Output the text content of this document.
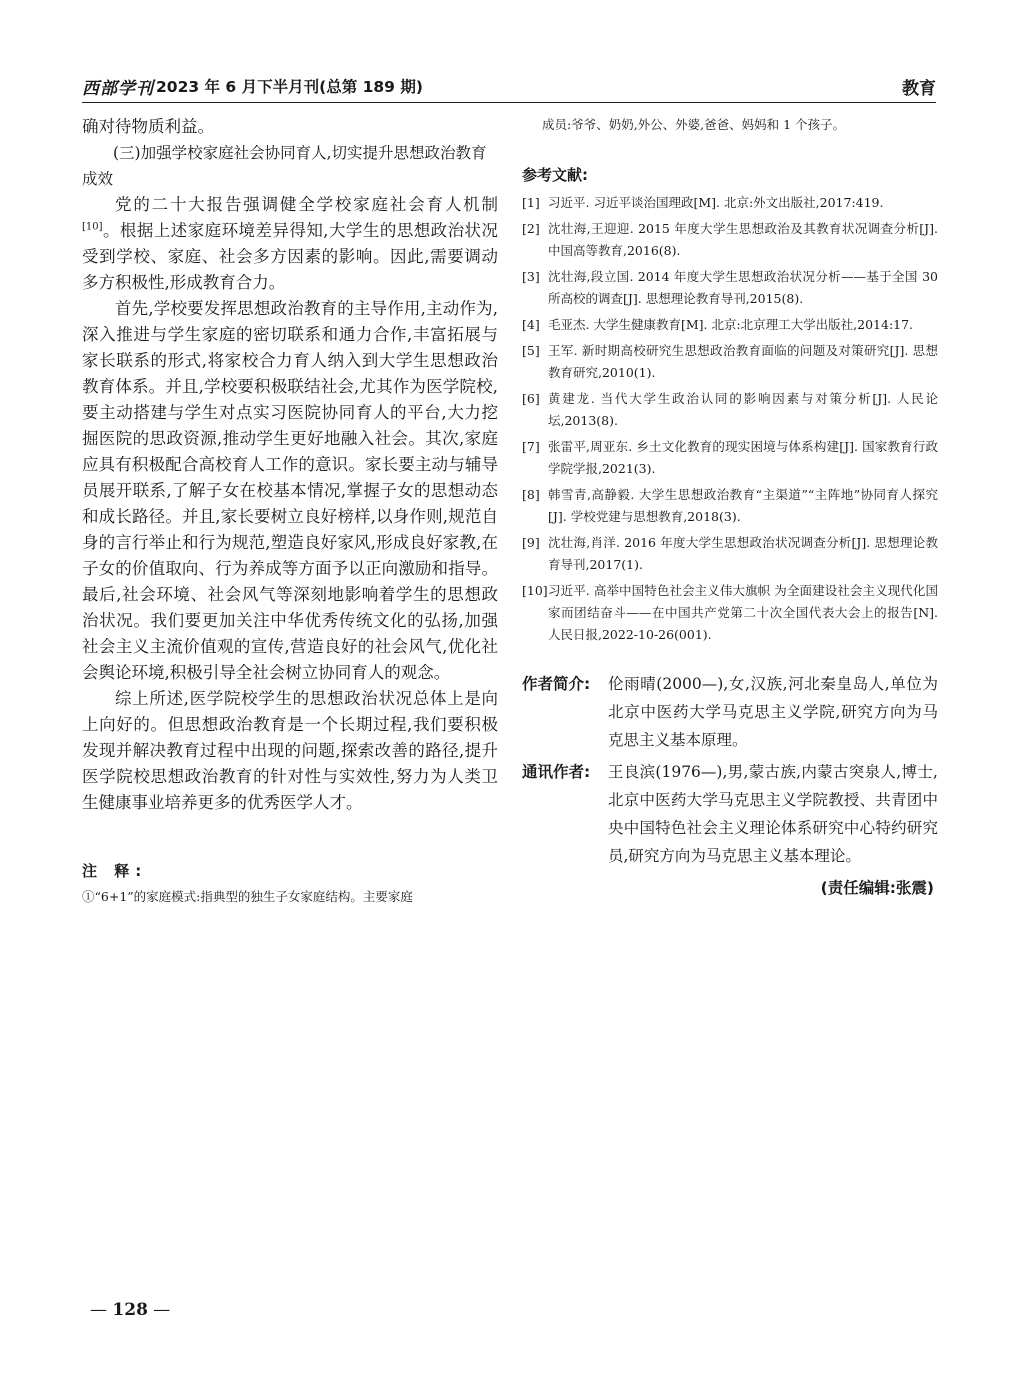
西部学刊 2023 年 6 月下半月刊(总第 189 期)	教育

确对待物质利益。

(三)加强学校家庭社会协同育人,切实提升思想政治教育成效

党的二十大报告强调健全学校家庭社会育人机制[10]。根据上述家庭环境差异得知,大学生的思想政治状况受到学校、家庭、社会多方因素的影响。因此,需要调动多方积极性,形成教育合力。

首先,学校要发挥思想政治教育的主导作用,主动作为,深入推进与学生家庭的密切联系和通力合作,丰富拓展与家长联系的形式,将家校合力育人纳入到大学生思想政治教育体系。并且,学校要积极联结社会,尤其作为医学院校,要主动搭建与学生对点实习医院协同育人的平台,大力挖掘医院的思政资源,推动学生更好地融入社会。其次,家庭应具有积极配合高校育人工作的意识。家长要主动与辅导员展开联系,了解子女在校基本情况,掌握子女的思想动态和成长路径。并且,家长要树立良好榜样,以身作则,规范自身的言行举止和行为规范,塑造良好家风,形成良好家教,在子女的价值取向、行为养成等方面予以正向激励和指导。最后,社会环境、社会风气等深刻地影响着学生的思想政治状况。我们要更加关注中华优秀传统文化的弘扬,加强社会主义主流价值观的宣传,营造良好的社会风气,优化社会舆论环境,积极引导全社会树立协同育人的观念。

综上所述,医学院校学生的思想政治状况总体上是向上向好的。但思想政治教育是一个长期过程,我们要积极发现并解决教育过程中出现的问题,探索改善的路径,提升医学院校思想政治教育的针对性与实效性,努力为人类卫生健康事业培养更多的优秀医学人才。

注 释:

①“6+1”的家庭模式:指典型的独生子女家庭结构。主要家庭

成员:爷爷、奶奶,外公、外婆,爸爸、妈妈和 1 个孩子。

参考文献:
[1] 习近平. 习近平谈治国理政[M]. 北京:外文出版社,2017:419.
[2] 沈壮海,王迎迎. 2015 年度大学生思想政治及其教育状况调查分析[J]. 中国高等教育,2016(8).
[3] 沈壮海,段立国. 2014 年度大学生思想政治状况分析——基于全国 30 所高校的调查[J]. 思想理论教育导刊,2015(8).
[4] 毛亚杰. 大学生健康教育[M]. 北京:北京理工大学出版社,2014:17.
[5] 王军. 新时期高校研究生思想政治教育面临的问题及对策研究[J]. 思想教育研究,2010(1).
[6] 黄建龙. 当代大学生政治认同的影响因素与对策分析[J]. 人民论坛,2013(8).
[7] 张雷平,周亚东. 乡土文化教育的现实困境与体系构建[J]. 国家教育行政学院学报,2021(3).
[8] 韩雪青,高静毅. 大学生思想政治教育“主渠道”“主阵地”协同育人探究[J]. 学校党建与思想教育,2018(3).
[9] 沈壮海,肖洋. 2016 年度大学生思想政治状况调查分析[J]. 思想理论教育导刊,2017(1).
[10] 习近平. 高举中国特色社会主义伟大旗帜 为全面建设社会主义现代化国家而团结奋斗——在中国共产党第二十次全国代表大会上的报告[N]. 人民日报,2022-10-26(001).
作者简介: 伦雨晴(2000—),女,汉族,河北秦皇岛人,单位为北京中医药大学马克思主义学院,研究方向为马克思主义基本原理。
通讯作者: 王良滨(1976—),男,蒙古族,内蒙古突泉人,博士,北京中医药大学马克思主义学院教授、共青团中央中国特色社会主义理论体系研究中心特约研究员,研究方向为马克思主义基本理论。
(责任编辑:张震)
— 128 —
